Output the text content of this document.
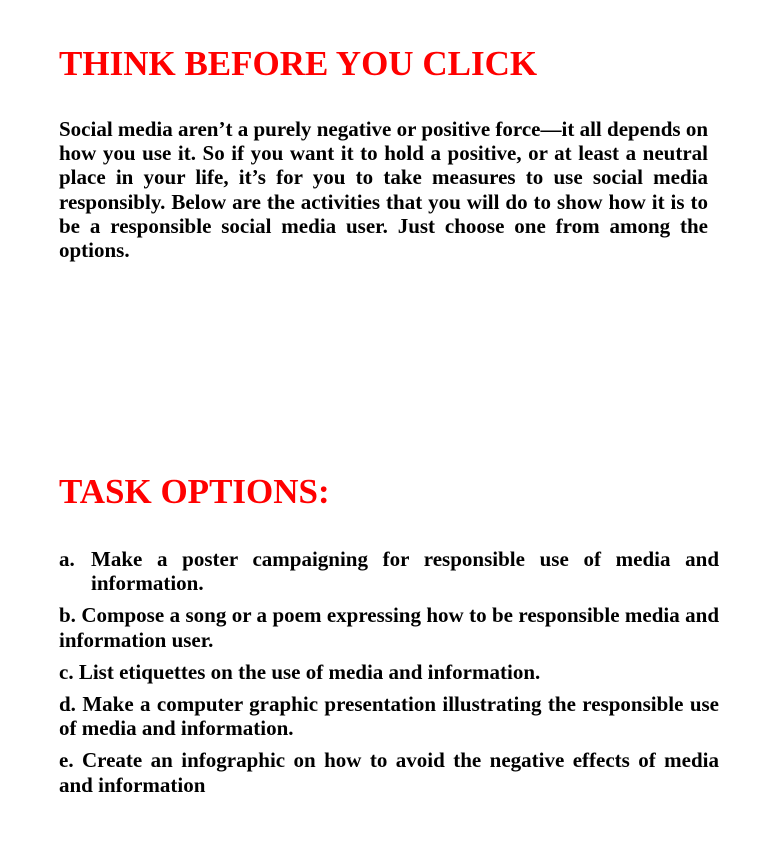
THINK BEFORE YOU CLICK

Social media aren’t a purely negative or positive force—it all depends on how you use it. So if you want it to hold a positive, or at least a neutral place in your life, it’s for you to take measures to use social media responsibly. Below are the activities that you will do to show how it is to be a responsible social media user. Just choose one from among the options.

TASK OPTIONS:
a. Make a poster campaigning for responsible use of media and information.
b. Compose a song or a poem expressing how to be responsible media and information user.
c. List etiquettes on the use of media and information.
d. Make a computer graphic presentation illustrating the responsible use of media and information.
e. Create an infographic on how to avoid the negative effects of media and information
